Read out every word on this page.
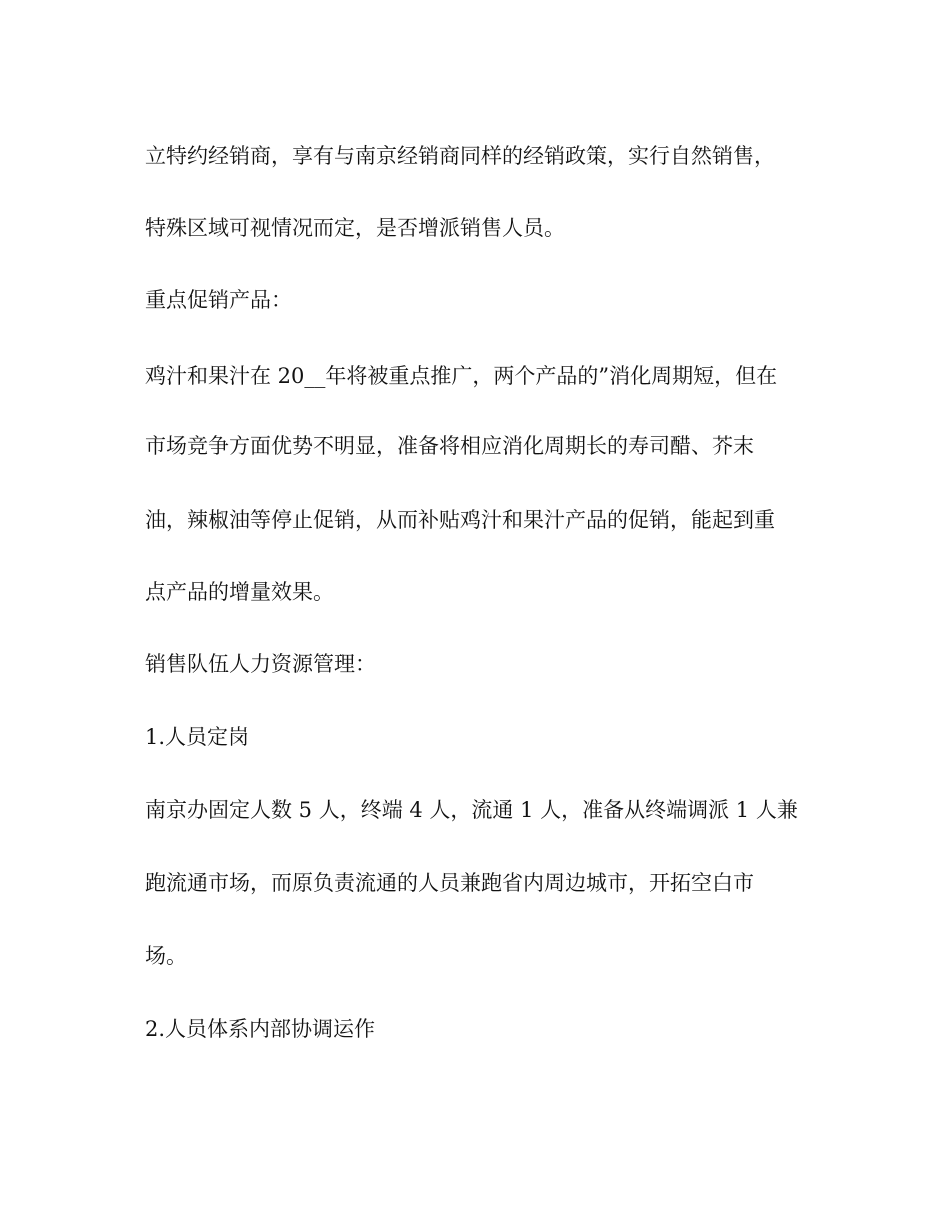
立特约经销商，享有与南京经销商同样的经销政策，实行自然销售，
特殊区域可视情况而定，是否增派销售人员。
重点促销产品：
鸡汁和果汁在 20__年将被重点推广，两个产品的”消化周期短，但在
市场竞争方面优势不明显，准备将相应消化周期长的寿司醋、芥末
油，辣椒油等停止促销，从而补贴鸡汁和果汁产品的促销，能起到重
点产品的增量效果。
销售队伍人力资源管理：
1.人员定岗
南京办固定人数 5 人，终端 4 人，流通 1 人，准备从终端调派 1 人兼
跑流通市场，而原负责流通的人员兼跑省内周边城市，开拓空白市
场。
2.人员体系内部协调运作
